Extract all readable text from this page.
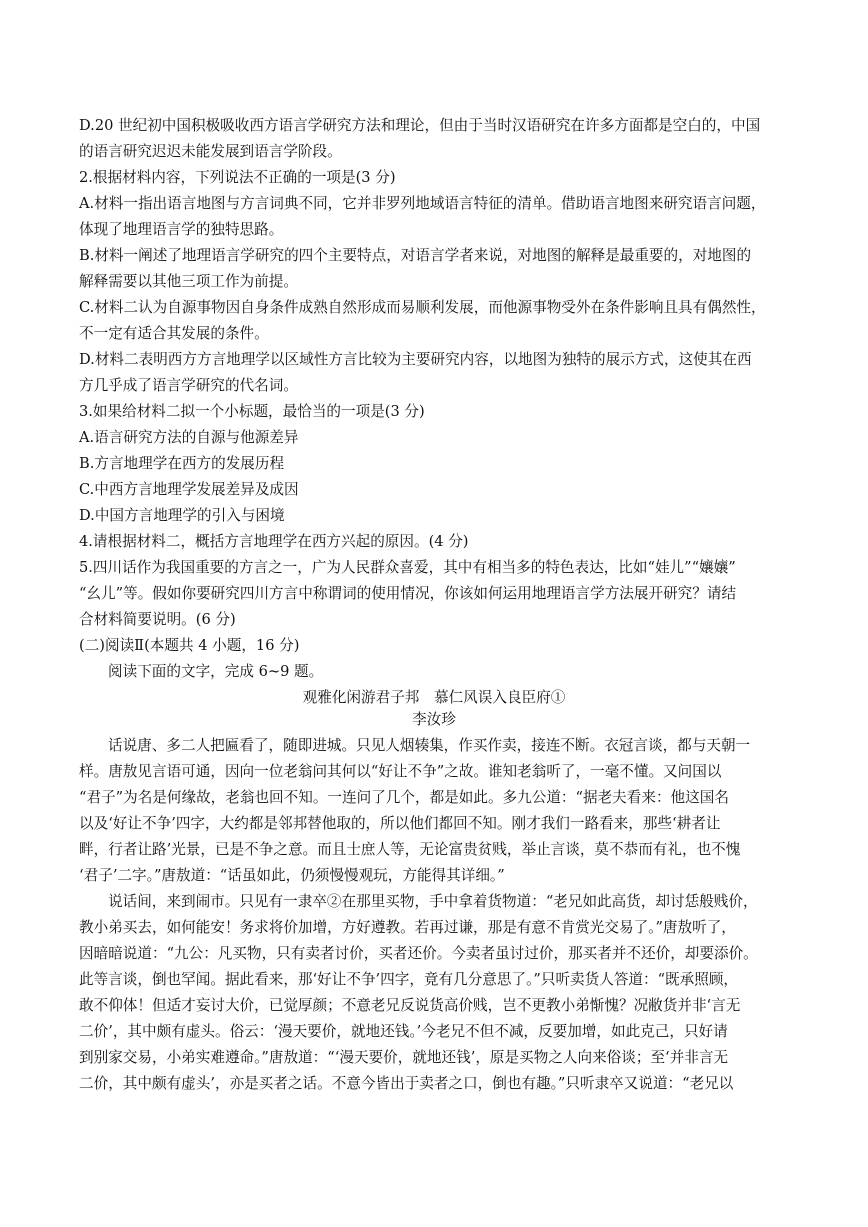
D.20 世纪初中国积极吸收西方语言学研究方法和理论，但由于当时汉语研究在许多方面都是空白的，中国
的语言研究迟迟未能发展到语言学阶段。
2.根据材料内容，下列说法不正确的一项是(3 分)
A.材料一指出语言地图与方言词典不同，它并非罗列地域语言特征的清单。借助语言地图来研究语言问题，
体现了地理语言学的独特思路。
B.材料一阐述了地理语言学研究的四个主要特点，对语言学者来说，对地图的解释是最重要的，对地图的
解释需要以其他三项工作为前提。
C.材料二认为自源事物因自身条件成熟自然形成而易顺利发展，而他源事物受外在条件影响且具有偶然性，
不一定有适合其发展的条件。
D.材料二表明西方方言地理学以区域性方言比较为主要研究内容，以地图为独特的展示方式，这使其在西
方几乎成了语言学研究的代名词。
3.如果给材料二拟一个小标题，最恰当的一项是(3 分)
A.语言研究方法的自源与他源差异
B.方言地理学在西方的发展历程
C.中西方言地理学发展差异及成因
D.中国方言地理学的引入与困境
4.请根据材料二，概括方言地理学在西方兴起的原因。(4 分)
5.四川话作为我国重要的方言之一，广为人民群众喜爱，其中有相当多的特色表达，比如“娃儿”“孃孃”
“幺儿”等。假如你要研究四川方言中称谓词的使用情况，你该如何运用地理语言学方法展开研究？请结
合材料简要说明。(6 分)
(二)阅读Ⅱ(本题共 4 小题，16 分)
阅读下面的文字，完成 6~9 题。
观雅化闲游君子邦　慕仁风误入良臣府①
李汝珍
话说唐、多二人把匾看了，随即进城。只见人烟辏集，作买作卖，接连不断。衣冠言谈，都与天朝一
样。唐敖见言语可通，因向一位老翁问其何以“好让不争”之故。谁知老翁听了，一毫不懂。又问国以
“君子”为名是何缘故，老翁也回不知。一连问了几个，都是如此。多九公道：“据老夫看来：他这国名
以及‘好让不争’四字，大约都是邻邦替他取的，所以他们都回不知。刚才我们一路看来，那些‘耕者让
畔，行者让路’光景，已是不争之意。而且士庶人等，无论富贵贫贱，举止言谈，莫不恭而有礼，也不愧
‘君子’二字。”唐敖道：“话虽如此，仍须慢慢观玩，方能得其详细。”
说话间，来到闹市。只见有一隶卒②在那里买物，手中拿着货物道：“老兄如此高货，却讨恁般贱价，
教小弟买去，如何能安！务求将价加增，方好遵教。若再过谦，那是有意不肯赏光交易了。”唐敖听了，
因暗暗说道：“九公：凡买物，只有卖者讨价，买者还价。今卖者虽讨过价，那买者并不还价，却要添价。
此等言谈，倒也罕闻。据此看来，那‘好让不争’四字，竟有几分意思了。”只听卖货人答道：“既承照顾，
敢不仰体！但适才妄讨大价，已觉厚颜；不意老兄反说货高价贱，岂不更教小弟惭愧？况敝货并非‘言无
二价’，其中颇有虚头。俗云：‘漫天要价，就地还钱。’今老兄不但不减，反要加增，如此克己，只好请
到别家交易，小弟实难遵命。”唐敖道：“‘漫天要价，就地还钱’，原是买物之人向来俗谈；至‘并非言无
二价，其中颇有虚头’，亦是买者之话。不意今皆出于卖者之口，倒也有趣。”只听隶卒又说道：“老兄以
